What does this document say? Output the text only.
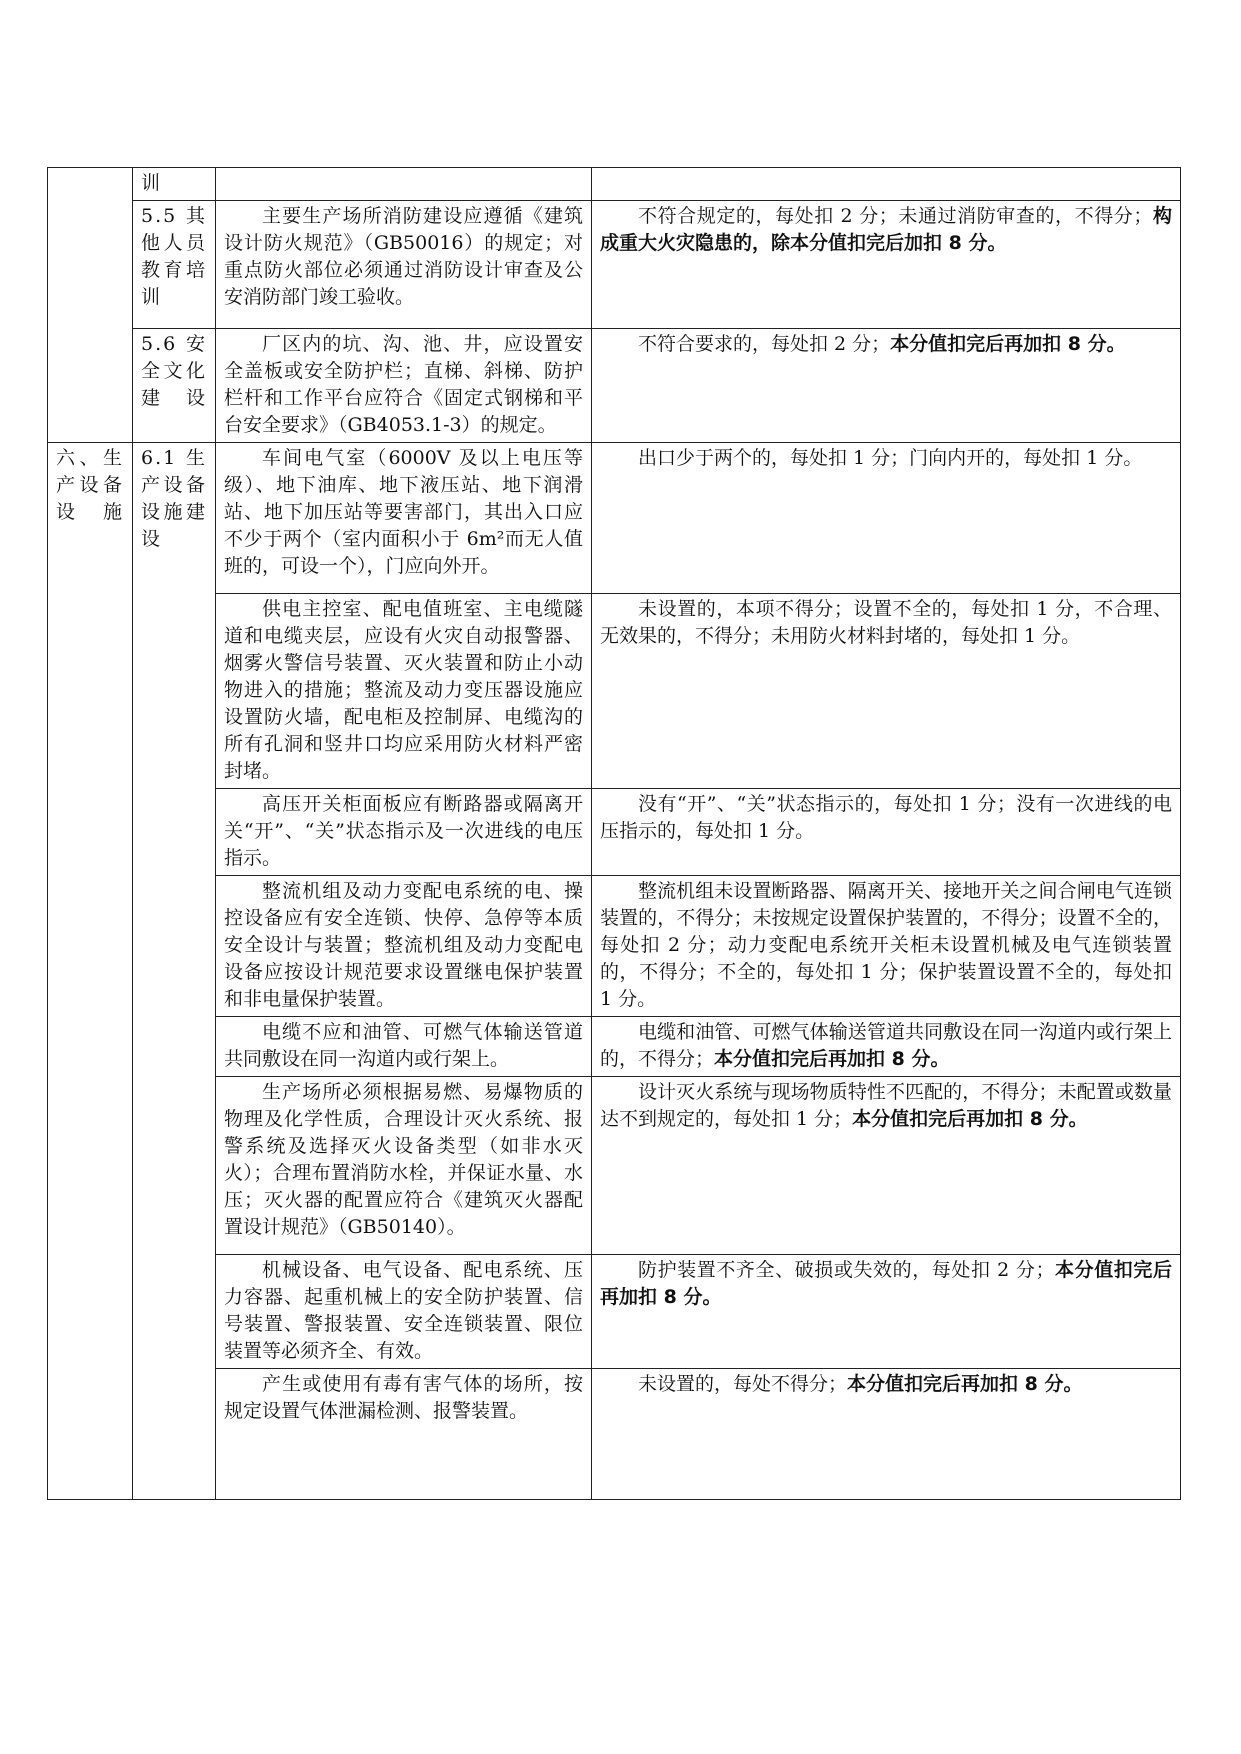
	训		
	5.5 其他人员教育培训	主要生产场所消防建设应遵循《建筑设计防火规范》（GB50016）的规定；对重点防火部位必须通过消防设计审查及公安消防部门竣工验收。	不符合规定的，每处扣 2 分；未通过消防审查的，不得分；构成重大火灾隐患的，除本分值扣完后加扣 8 分。
	5.6 安全文化建设	厂区内的坑、沟、池、井，应设置安全盖板或安全防护栏；直梯、斜梯、防护栏杆和工作平台应符合《固定式钢梯和平台安全要求》（GB4053.1-3）的规定。	不符合要求的，每处扣 2 分；本分值扣完后再加扣 8 分。
六、生产设备设施	6.1 生产设备设施建设	车间电气室（6000V 及以上电压等级）、地下油库、地下液压站、地下润滑站、地下加压站等要害部门，其出入口应不少于两个（室内面积小于 6m²而无人值班的，可设一个），门应向外开。	出口少于两个的，每处扣 1 分；门向内开的，每处扣 1 分。
		供电主控室、配电值班室、主电缆隧道和电缆夹层，应设有火灾自动报警器、烟雾火警信号装置、灭火装置和防止小动物进入的措施；整流及动力变压器设施应设置防火墙，配电柜及控制屏、电缆沟的所有孔洞和竖井口均应采用防火材料严密封堵。	未设置的，本项不得分；设置不全的，每处扣 1 分，不合理、无效果的，不得分；未用防火材料封堵的，每处扣 1 分。
		高压开关柜面板应有断路器或隔离开关“开”、“关”状态指示及一次进线的电压指示。	没有“开”、“关”状态指示的，每处扣 1 分；没有一次进线的电压指示的，每处扣 1 分。
		整流机组及动力变配电系统的电、操控设备应有安全连锁、快停、急停等本质安全设计与装置；整流机组及动力变配电设备应按设计规范要求设置继电保护装置和非电量保护装置。	整流机组未设置断路器、隔离开关、接地开关之间合闸电气连锁装置的，不得分；未按规定设置保护装置的，不得分；设置不全的，每处扣 2 分；动力变配电系统开关柜未设置机械及电气连锁装置的，不得分；不全的，每处扣 1 分；保护装置设置不全的，每处扣 1 分。
		电缆不应和油管、可燃气体输送管道共同敷设在同一沟道内或行架上。	电缆和油管、可燃气体输送管道共同敷设在同一沟道内或行架上的，不得分；本分值扣完后再加扣 8 分。
		生产场所必须根据易燃、易爆物质的物理及化学性质，合理设计灭火系统、报警系统及选择灭火设备类型（如非水灭火）；合理布置消防水栓，并保证水量、水压；灭火器的配置应符合《建筑灭火器配置设计规范》（GB50140）。	设计灭火系统与现场物质特性不匹配的，不得分；未配置或数量达不到规定的，每处扣 1 分；本分值扣完后再加扣 8 分。
		机械设备、电气设备、配电系统、压力容器、起重机械上的安全防护装置、信号装置、警报装置、安全连锁装置、限位装置等必须齐全、有效。	防护装置不齐全、破损或失效的，每处扣 2 分；本分值扣完后再加扣 8 分。
		产生或使用有毒有害气体的场所，按规定设置气体泄漏检测、报警装置。	未设置的，每处不得分；本分值扣完后再加扣 8 分。
